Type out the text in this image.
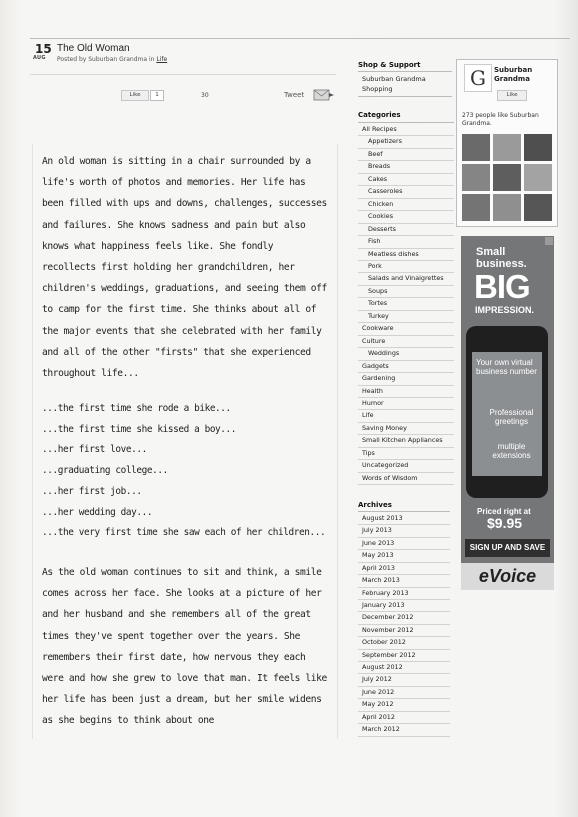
15
AUG
The Old Woman
Posted by Suburban Grandma in Life
Like	1	30	Tweet

An old woman is sitting in a chair surrounded by a life's worth of photos and memories. Her life has been filled with ups and downs, challenges, successes and failures. She knows sadness and pain but also knows what happiness feels like. She fondly recollects first holding her grandchildren, her children's weddings, graduations, and seeing them off to camp for the first time. She thinks about all of the major events that she celebrated with her family and all of the other "firsts" that she experienced throughout life...

...the first time she rode a bike...
...the first time she kissed a boy...
...her first love...
...graduating college...
...her first job...
...her wedding day...
...the very first time she saw each of her children...

As the old woman continues to sit and think, a smile comes across her face. She looks at a picture of her and her husband and she remembers all of the great times they've spent together over the years. She remembers their first date, how nervous they each were and how she grew to love that man. It feels like her life has been just a dream, but her smile widens as she begins to think about one

Shop & Support
Suburban Grandma Shopping
Categories
All Recipes
Appetizers
Beef
Breads
Cakes
Casseroles
Chicken
Cookies
Desserts
Fish
Meatless dishes
Pork
Salads and Vinaigrettes
Soups
Tortes
Turkey
Cookware
Culture
Weddings
Gadgets
Gardening
Health
Humor
Life
Saving Money
Small Kitchen Appliances
Tips
Uncategorized
Words of Wisdom
Archives
August 2013
July 2013
June 2013
May 2013
April 2013
March 2013
February 2013
January 2013
December 2012
November 2012
October 2012
September 2012
August 2012
July 2012
June 2012
May 2012
April 2012
March 2012
G	Suburban Grandma
Like
273 people like Suburban Grandma.
Small
business.
BIG
IMPRESSION.
Your own virtual business number
Professional greetings
multiple extensions
Priced right at
$9.95
SIGN UP AND SAVE
eVoice
